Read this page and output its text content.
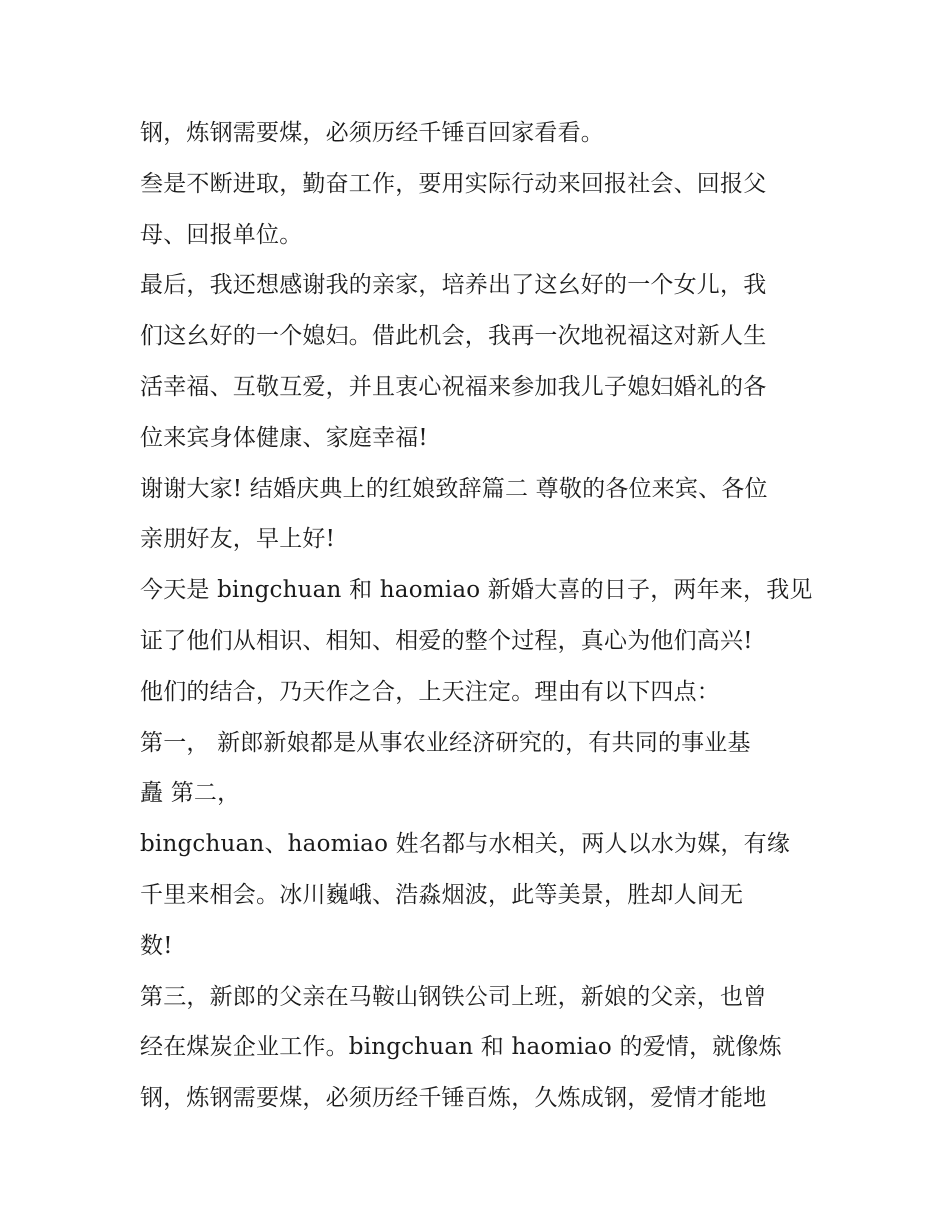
钢，炼钢需要煤，必须历经千锤百回家看看。
叁是不断进取，勤奋工作，要用实际行动来回报社会、回报父
母、回报单位。
最后，我还想感谢我的亲家，培养出了这幺好的一个女儿，我
们这幺好的一个媳妇。借此机会，我再一次地祝福这对新人生
活幸福、互敬互爱，并且衷心祝福来参加我儿子媳妇婚礼的各
位来宾身体健康、家庭幸福!
谢谢大家! 结婚庆典上的红娘致辞篇二 尊敬的各位来宾、各位
亲朋好友，早上好!
今天是 bingchuan 和 haomiao 新婚大喜的日子，两年来，我见
证了他们从相识、相知、相爱的整个过程，真心为他们高兴!
他们的结合，乃天作之合，上天注定。理由有以下四点：
第一， 新郎新娘都是从事农业经济研究的，有共同的事业基
矗 第二，
bingchuan、haomiao 姓名都与水相关，两人以水为媒，有缘
千里来相会。冰川巍峨、浩淼烟波，此等美景，胜却人间无
数!
第三，新郎的父亲在马鞍山钢铁公司上班，新娘的父亲，也曾
经在煤炭企业工作。bingchuan 和 haomiao 的爱情，就像炼
钢，炼钢需要煤，必须历经千锤百炼，久炼成钢，爱情才能地
